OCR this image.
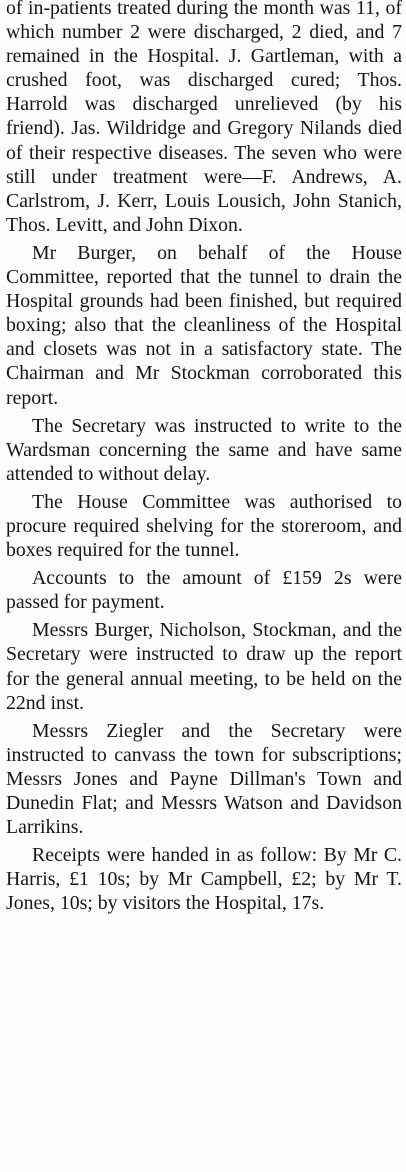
of in-patients treated during the month was 11, of which number 2 were discharged, 2 died, and 7 remained in the Hospital. J. Gartleman, with a crushed foot, was discharged cured; Thos. Harrold was discharged unrelieved (by his friend). Jas. Wildridge and Gregory Nilands died of their respective diseases. The seven who were still under treatment were—F. Andrews, A. Carlstrom, J. Kerr, Louis Lousich, John Stanich, Thos. Levitt, and John Dixon.

Mr Burger, on behalf of the House Committee, reported that the tunnel to drain the Hospital grounds had been finished, but required boxing; also that the cleanliness of the Hospital and closets was not in a satisfactory state. The Chairman and Mr Stockman corroborated this report.

The Secretary was instructed to write to the Wardsman concerning the same and have same attended to without delay.

The House Committee was authorised to procure required shelving for the storeroom, and boxes required for the tunnel.

Accounts to the amount of £159 2s were passed for payment.

Messrs Burger, Nicholson, Stockman, and the Secretary were instructed to draw up the report for the general annual meeting, to be held on the 22nd inst.

Messrs Ziegler and the Secretary were instructed to canvass the town for subscriptions; Messrs Jones and Payne Dillman's Town and Dunedin Flat; and Messrs Watson and Davidson Larrikins.

Receipts were handed in as follow: By Mr C. Harris, £1 10s; by Mr Campbell, £2; by Mr T. Jones, 10s; by visitors the Hospital, 17s.
